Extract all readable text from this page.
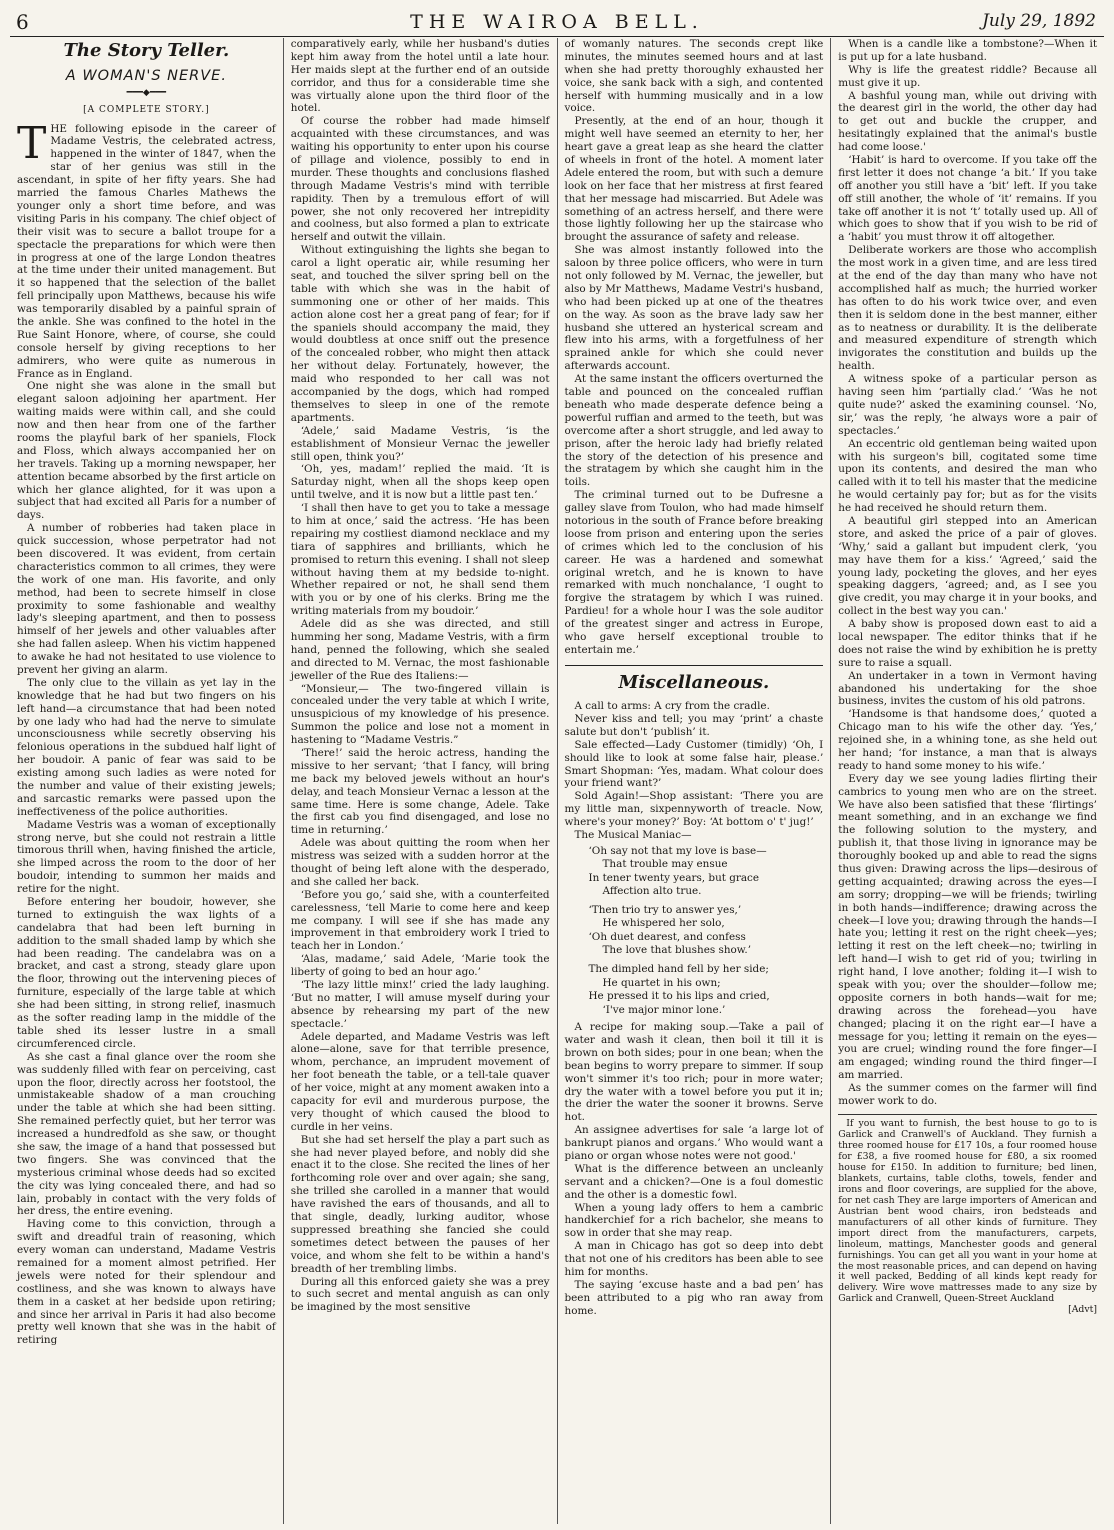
6	THE WAIROA BELL.	July 29, 1892
The Story Teller.
A WOMAN'S NERVE.
━━━◆━━━
[A COMPLETE STORY.]

THE following episode in the career of Madame Vestris, the celebrated actress, happened in the winter of 1847, when the star of her genius was still in the ascendant, in spite of her fifty years. She had married the famous Charles Mathews the younger only a short time before, and was visiting Paris in his company. The chief object of their visit was to secure a ballot troupe for a spectacle the preparations for which were then in progress at one of the large London theatres at the time under their united management. But it so happened that the selection of the ballet fell principally upon Matthews, because his wife was temporarily disabled by a painful sprain of the ankle. She was confined to the hotel in the Rue Saint Honore, where, of course, she could console herself by giving receptions to her admirers, who were quite as numerous in France as in England.

One night she was alone in the small but elegant saloon adjoining her apartment. Her waiting maids were within call, and she could now and then hear from one of the farther rooms the playful bark of her spaniels, Flock and Floss, which always accompanied her on her travels. Taking up a morning newspaper, her attention became absorbed by the first article on which her glance alighted, for it was upon a subject that had excited all Paris for a number of days.

A number of robberies had taken place in quick succession, whose perpetrator had not been discovered. It was evident, from certain characteristics common to all crimes, they were the work of one man. His favorite, and only method, had been to secrete himself in close proximity to some fashionable and wealthy lady's sleeping apartment, and then to possess himself of her jewels and other valuables after she had fallen asleep. When his victim happened to awake he had not hesitated to use violence to prevent her giving an alarm.

The only clue to the villain as yet lay in the knowledge that he had but two fingers on his left hand—a circumstance that had been noted by one lady who had had the nerve to simulate unconsciousness while secretly observing his felonious operations in the subdued half light of her boudoir. A panic of fear was said to be existing among such ladies as were noted for the number and value of their existing jewels; and sarcastic remarks were passed upon the ineffectiveness of the police authorities.

Madame Vestris was a woman of exceptionally strong nerve, but she could not restrain a little timorous thrill when, having finished the article, she limped across the room to the door of her boudoir, intending to summon her maids and retire for the night.

Before entering her boudoir, however, she turned to extinguish the wax lights of a candelabra that had been left burning in addition to the small shaded lamp by which she had been reading. The candelabra was on a bracket, and cast a strong, steady glare upon the floor, throwing out the intervening pieces of furniture, especially of the large table at which she had been sitting, in strong relief, inasmuch as the softer reading lamp in the middle of the table shed its lesser lustre in a small circumferenced circle.

As she cast a final glance over the room she was suddenly filled with fear on perceiving, cast upon the floor, directly across her footstool, the unmistakeable shadow of a man crouching under the table at which she had been sitting. She remained perfectly quiet, but her terror was increased a hundredfold as she saw, or thought she saw, the image of a hand that possessed but two fingers. She was convinced that the mysterious criminal whose deeds had so excited the city was lying concealed there, and had so lain, probably in contact with the very folds of her dress, the entire evening.

Having come to this conviction, through a swift and dreadful train of reasoning, which every woman can understand, Madame Vestris remained for a moment almost petrified. Her jewels were noted for their splendour and costliness, and she was known to always have them in a casket at her bedside upon retiring; and since her arrival in Paris it had also become pretty well known that she was in the habit of retiring

comparatively early, while her husband's duties kept him away from the hotel until a late hour. Her maids slept at the further end of an outside corridor, and thus for a considerable time she was virtually alone upon the third floor of the hotel.

Of course the robber had made himself acquainted with these circumstances, and was waiting his opportunity to enter upon his course of pillage and violence, possibly to end in murder. These thoughts and conclusions flashed through Madame Vestris's mind with terrible rapidity. Then by a tremulous effort of will power, she not only recovered her intrepidity and coolness, but also formed a plan to extricate herself and outwit the villain.

Without extinguishing the lights she began to carol a light operatic air, while resuming her seat, and touched the silver spring bell on the table with which she was in the habit of summoning one or other of her maids. This action alone cost her a great pang of fear; for if the spaniels should accompany the maid, they would doubtless at once sniff out the presence of the concealed robber, who might then attack her without delay. Fortunately, however, the maid who responded to her call was not accompanied by the dogs, which had romped themselves to sleep in one of the remote apartments.

‘Adele,’ said Madame Vestris, ‘is the establishment of Monsieur Vernac the jeweller still open, think you?’

‘Oh, yes, madam!’ replied the maid. ‘It is Saturday night, when all the shops keep open until twelve, and it is now but a little past ten.’

‘I shall then have to get you to take a message to him at once,’ said the actress. ‘He has been repairing my costliest diamond necklace and my tiara of sapphires and brilliants, which he promised to return this evening. I shall not sleep without having them at my bedside to-night. Whether repaired or not, he shall send them with you or by one of his clerks. Bring me the writing materials from my boudoir.’

Adele did as she was directed, and still humming her song, Madame Vestris, with a firm hand, penned the following, which she sealed and directed to M. Vernac, the most fashionable jeweller of the Rue des Italiens:—

“Monsieur,— The two-fingered villain is concealed under the very table at which I write, unsuspicious of my knowledge of his presence. Summon the police and lose not a moment in hastening to “Madame Vestris.”

‘There!’ said the heroic actress, handing the missive to her servant; ‘that I fancy, will bring me back my beloved jewels without an hour's delay, and teach Monsieur Vernac a lesson at the same time. Here is some change, Adele. Take the first cab you find disengaged, and lose no time in returning.’

Adele was about quitting the room when her mistress was seized with a sudden horror at the thought of being left alone with the desperado, and she called her back.

‘Before you go,’ said she, with a counterfeited carelessness, ‘tell Marie to come here and keep me company. I will see if she has made any improvement in that embroidery work I tried to teach her in London.’

‘Alas, madame,’ said Adele, ‘Marie took the liberty of going to bed an hour ago.’

‘The lazy little minx!’ cried the lady laughing. ‘But no matter, I will amuse myself during your absence by rehearsing my part of the new spectacle.’

Adele departed, and Madame Vestris was left alone—alone, save for that terrible presence, whom, perchance, an imprudent movement of her foot beneath the table, or a tell-tale quaver of her voice, might at any moment awaken into a capacity for evil and murderous purpose, the very thought of which caused the blood to curdle in her veins.

But she had set herself the play a part such as she had never played before, and nobly did she enact it to the close. She recited the lines of her forthcoming role over and over again; she sang, she trilled she carolled in a manner that would have ravished the ears of thousands, and all to that single, deadly, lurking auditor, whose suppressed breathing she fancied she could sometimes detect between the pauses of her voice, and whom she felt to be within a hand's breadth of her trembling limbs.

During all this enforced gaiety she was a prey to such secret and mental anguish as can only be imagined by the most sensitive

of womanly natures. The seconds crept like minutes, the minutes seemed hours and at last when she had pretty thoroughly exhausted her voice, she sank back with a sigh, and contented herself with humming musically and in a low voice.

Presently, at the end of an hour, though it might well have seemed an eternity to her, her heart gave a great leap as she heard the clatter of wheels in front of the hotel. A moment later Adele entered the room, but with such a demure look on her face that her mistress at first feared that her message had miscarried. But Adele was something of an actress herself, and there were those lightly following her up the staircase who brought the assurance of safety and release.

She was almost instantly followed into the saloon by three police officers, who were in turn not only followed by M. Vernac, the jeweller, but also by Mr Matthews, Madame Vestri's husband, who had been picked up at one of the theatres on the way. As soon as the brave lady saw her husband she uttered an hysterical scream and flew into his arms, with a forgetfulness of her sprained ankle for which she could never afterwards account.

At the same instant the officers overturned the table and pounced on the concealed ruffian beneath who made desperate defence being a powerful ruffian and armed to the teeth, but was overcome after a short struggle, and led away to prison, after the heroic lady had briefly related the story of the detection of his presence and the stratagem by which she caught him in the toils.

The criminal turned out to be Dufresne a galley slave from Toulon, who had made himself notorious in the south of France before breaking loose from prison and entering upon the series of crimes which led to the conclusion of his career. He was a hardened and somewhat original wretch, and he is known to have remarked with much nonchalance, ‘I ought to forgive the stratagem by which I was ruined. Pardieu! for a whole hour I was the sole auditor of the greatest singer and actress in Europe, who gave herself exceptional trouble to entertain me.’

Miscellaneous.

A call to arms: A cry from the cradle.

Never kiss and tell; you may ‘print’ a chaste salute but don't ‘publish’ it.

Sale effected—Lady Customer (timidly) ‘Oh, I should like to look at some false hair, please.’ Smart Shopman: ‘Yes, madam. What colour does your friend want?’

Sold Again!—Shop assistant: ‘There you are my little man, sixpennyworth of treacle. Now, where's your money?’ Boy: ‘At bottom o' t' jug!’

The Musical Maniac—

‘Oh say not that my love is base—
That trouble may ensue
In tener twenty years, but grace
Affection alto true.
‘Then trio try to answer yes,’
He whispered her solo,
‘Oh duet dearest, and confess
The love that blushes show.’
The dimpled hand fell by her side;
He quartet in his own;
He pressed it to his lips and cried,
‘I've major minor lone.’

A recipe for making soup.—Take a pail of water and wash it clean, then boil it till it is brown on both sides; pour in one bean; when the bean begins to worry prepare to simmer. If soup won't simmer it's too rich; pour in more water; dry the water with a towel before you put it in; the drier the water the sooner it browns. Serve hot.

An assignee advertises for sale ‘a large lot of bankrupt pianos and organs.’ Who would want a piano or organ whose notes were not good.'

What is the difference between an uncleanly servant and a chicken?—One is a foul domestic and the other is a domestic fowl.

When a young lady offers to hem a cambric handkerchief for a rich bachelor, she means to sow in order that she may reap.

A man in Chicago has got so deep into debt that not one of his creditors has been able to see him for months.

The saying ‘excuse haste and a bad pen’ has been attributed to a pig who ran away from home.

When is a candle like a tombstone?—When it is put up for a late husband.

Why is life the greatest riddle? Because all must give it up.

A bashful young man, while out driving with the dearest girl in the world, the other day had to get out and buckle the crupper, and hesitatingly explained that the animal's bustle had come loose.'

‘Habit’ is hard to overcome. If you take off the first letter it does not change ‘a bit.’ If you take off another you still have a ‘bit’ left. If you take off still another, the whole of ‘it’ remains. If you take off another it is not ‘t’ totally used up. All of which goes to show that if you wish to be rid of a ‘habit’ you must throw it off altogether.

Deliberate workers are those who accomplish the most work in a given time, and are less tired at the end of the day than many who have not accomplished half as much; the hurried worker has often to do his work twice over, and even then it is seldom done in the best manner, either as to neatness or durability. It is the deliberate and measured expenditure of strength which invigorates the constitution and builds up the health.

A witness spoke of a particular person as having seen him ‘partially clad.’ ‘Was he not quite nude?’ asked the examining counsel. ‘No, sir,’ was the reply, ‘he always wore a pair of spectacles.’

An eccentric old gentleman being waited upon with his surgeon's bill, cogitated some time upon its contents, and desired the man who called with it to tell his master that the medicine he would certainly pay for; but as for the visits he had received he should return them.

A beautiful girl stepped into an American store, and asked the price of a pair of gloves. ‘Why,’ said a gallant but impudent clerk, ‘you may have them for a kiss.’ ‘Agreed,’ said the young lady, pocketing the gloves, and her eyes speaking daggers, ‘agreed; and, as I see you give credit, you may charge it in your books, and collect in the best way you can.'

A baby show is proposed down east to aid a local newspaper. The editor thinks that if he does not raise the wind by exhibition he is pretty sure to raise a squall.

An undertaker in a town in Vermont having abandoned his undertaking for the shoe business, invites the custom of his old patrons.

‘Handsome is that handsome does,’ quoted a Chicago man to his wife the other day. ‘Yes,’ rejoined she, in a whining tone, as she held out her hand; ‘for instance, a man that is always ready to hand some money to his wife.’

Every day we see young ladies flirting their cambrics to young men who are on the street. We have also been satisfied that these ‘flirtings’ meant something, and in an exchange we find the following solution to the mystery, and publish it, that those living in ignorance may be thoroughly booked up and able to read the signs thus given: Drawing across the lips—desirous of getting acquainted; drawing across the eyes—I am sorry; dropping—we will be friends; twirling in both hands—indifference; drawing across the cheek—I love you; drawing through the hands—I hate you; letting it rest on the right cheek—yes; letting it rest on the left cheek—no; twirling in left hand—I wish to get rid of you; twirling in right hand, I love another; folding it—I wish to speak with you; over the shoulder—follow me; opposite corners in both hands—wait for me; drawing across the forehead—you have changed; placing it on the right ear—I have a message for you; letting it remain on the eyes—you are cruel; winding round the fore finger—I am engaged; winding round the third finger—I am married.

As the summer comes on the farmer will find mower work to do.

If you want to furnish, the best house to go to is Garlick and Cranwell's of Auckland. They furnish a three roomed house for £17 10s, a four roomed house for £38, a five roomed house for £80, a six roomed house for £150. In addition to furniture; bed linen, blankets, curtains, table cloths, towels, fender and irons and floor coverings, are supplied for the above, for net cash They are large importers of American and Austrian bent wood chairs, iron bedsteads and manufacturers of all other kinds of furniture. They import direct from the manufacturers, carpets, linoleum, mattings, Manchester goods and general furnishings. You can get all you want in your home at the most reasonable prices, and can depend on having it well packed, Bedding of all kinds kept ready for delivery. Wire wove mattresses made to any size by Garlick and Cranwell, Queen-Street Auckland

[Advt]
